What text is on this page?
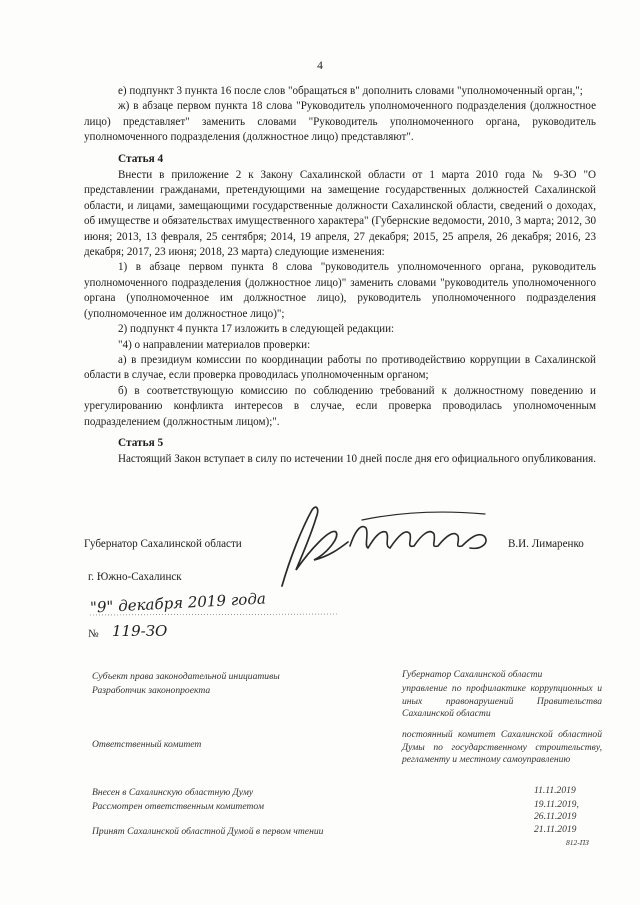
4

е) подпункт 3 пункта 16 после слов "обращаться в" дополнить словами "уполномоченный орган,";

ж) в абзаце первом пункта 18 слова "Руководитель уполномоченного подразделения (должностное лицо) представляет" заменить словами "Руководитель уполномоченного органа, руководитель уполномоченного подразделения (должностное лицо) представляют".

Статья 4

Внести в приложение 2 к Закону Сахалинской области от 1 марта 2010 года № 9-ЗО "О представлении гражданами, претендующими на замещение государственных должностей Сахалинской области, и лицами, замещающими государственные должности Сахалинской области, сведений о доходах, об имуществе и обязательствах имущественного характера" (Губернские ведомости, 2010, 3 марта; 2012, 30 июня; 2013, 13 февраля, 25 сентября; 2014, 19 апреля, 27 декабря; 2015, 25 апреля, 26 декабря; 2016, 23 декабря; 2017, 23 июня; 2018, 23 марта) следующие изменения:

1) в абзаце первом пункта 8 слова "руководитель уполномоченного органа, руководитель уполномоченного подразделения (должностное лицо)" заменить словами "руководитель уполномоченного органа (уполномоченное им должностное лицо), руководитель уполномоченного подразделения (уполномоченное им должностное лицо)";

2) подпункт 4 пункта 17 изложить в следующей редакции:

"4) о направлении материалов проверки:

а) в президиум комиссии по координации работы по противодействию коррупции в Сахалинской области в случае, если проверка проводилась уполномоченным органом;

б) в соответствующую комиссию по соблюдению требований к должностному поведению и урегулированию конфликта интересов в случае, если проверка проводилась уполномоченным подразделением (должностным лицом);".

Статья 5

Настоящий Закон вступает в силу по истечении 10 дней после дня его официального опубликования.

Губернатор Сахалинской области	В.И. Лимаренко
г. Южно-Сахалинск
"9" декабря 2019 года
№ 119-ЗО
Субъект права законодательной инициативы
Разработчик законопроекта
Ответственный комитет
Внесен в Сахалинскую областную Думу
Рассмотрен ответственным комитетом
Принят Сахалинской областной Думой в первом чтении
Губернатор Сахалинской области
управление по профилактике коррупционных и иных правонарушений Правительства Сахалинской области
постоянный комитет Сахалинской областной Думы по государственному строительству, регламенту и местному самоуправлению
11.11.2019
19.11.2019,
26.11.2019
21.11.2019
812-ПЗ
